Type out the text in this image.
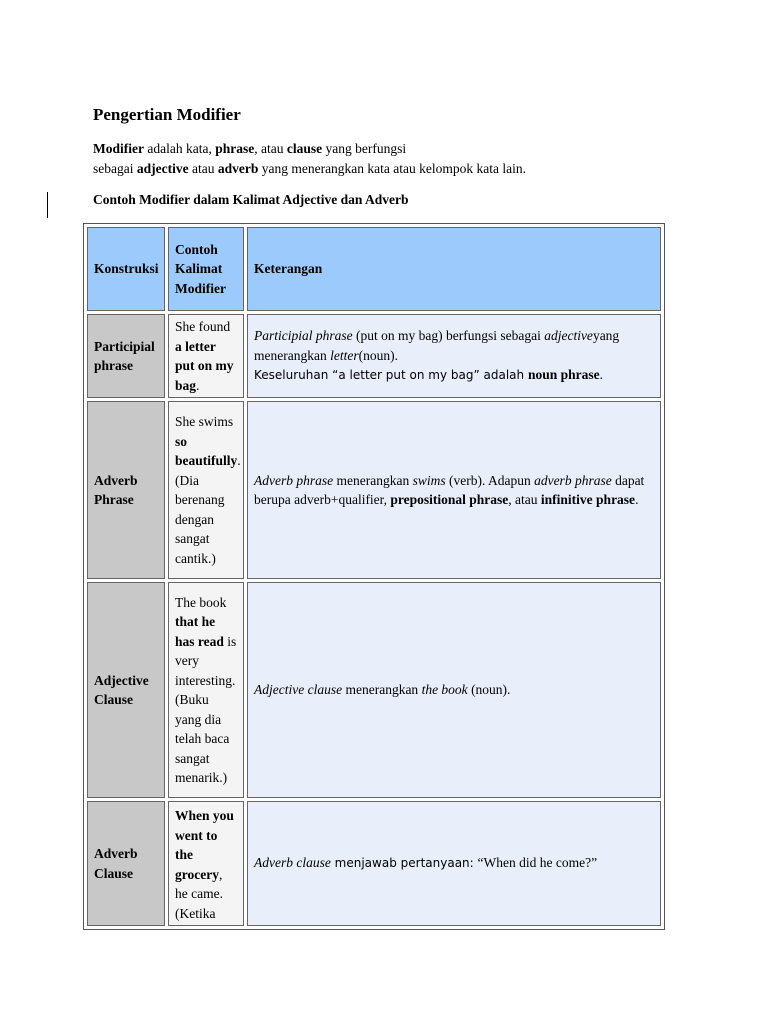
Pengertian Modifier

Modifier adalah kata, phrase, atau clause yang berfungsi
sebagai adjective atau adverb yang menerangkan kata atau kelompok kata lain.

Contoh Modifier dalam Kalimat Adjective dan Adverb
Konstruksi	Contoh Kalimat Modifier	Keterangan
Participial phrase	She found a letter put on my bag.	Participial phrase (put on my bag) berfungsi sebagai adjectiveyang menerangkan letter(noun).
Keseluruhan “a letter put on my bag” adalah noun phrase.
Adverb Phrase	She swims so beautifully. (Dia berenang dengan sangat cantik.)	Adverb phrase menerangkan swims (verb). Adapun adverb phrase dapat berupa adverb+qualifier, prepositional phrase, atau infinitive phrase.
Adjective Clause	The book that he has read is very interesting. (Buku yang dia telah baca sangat menarik.)	Adjective clause menerangkan the book (noun).
Adverb Clause	When you went to the grocery, he came. (Ketika	Adverb clause menjawab pertanyaan: “When did he come?”
